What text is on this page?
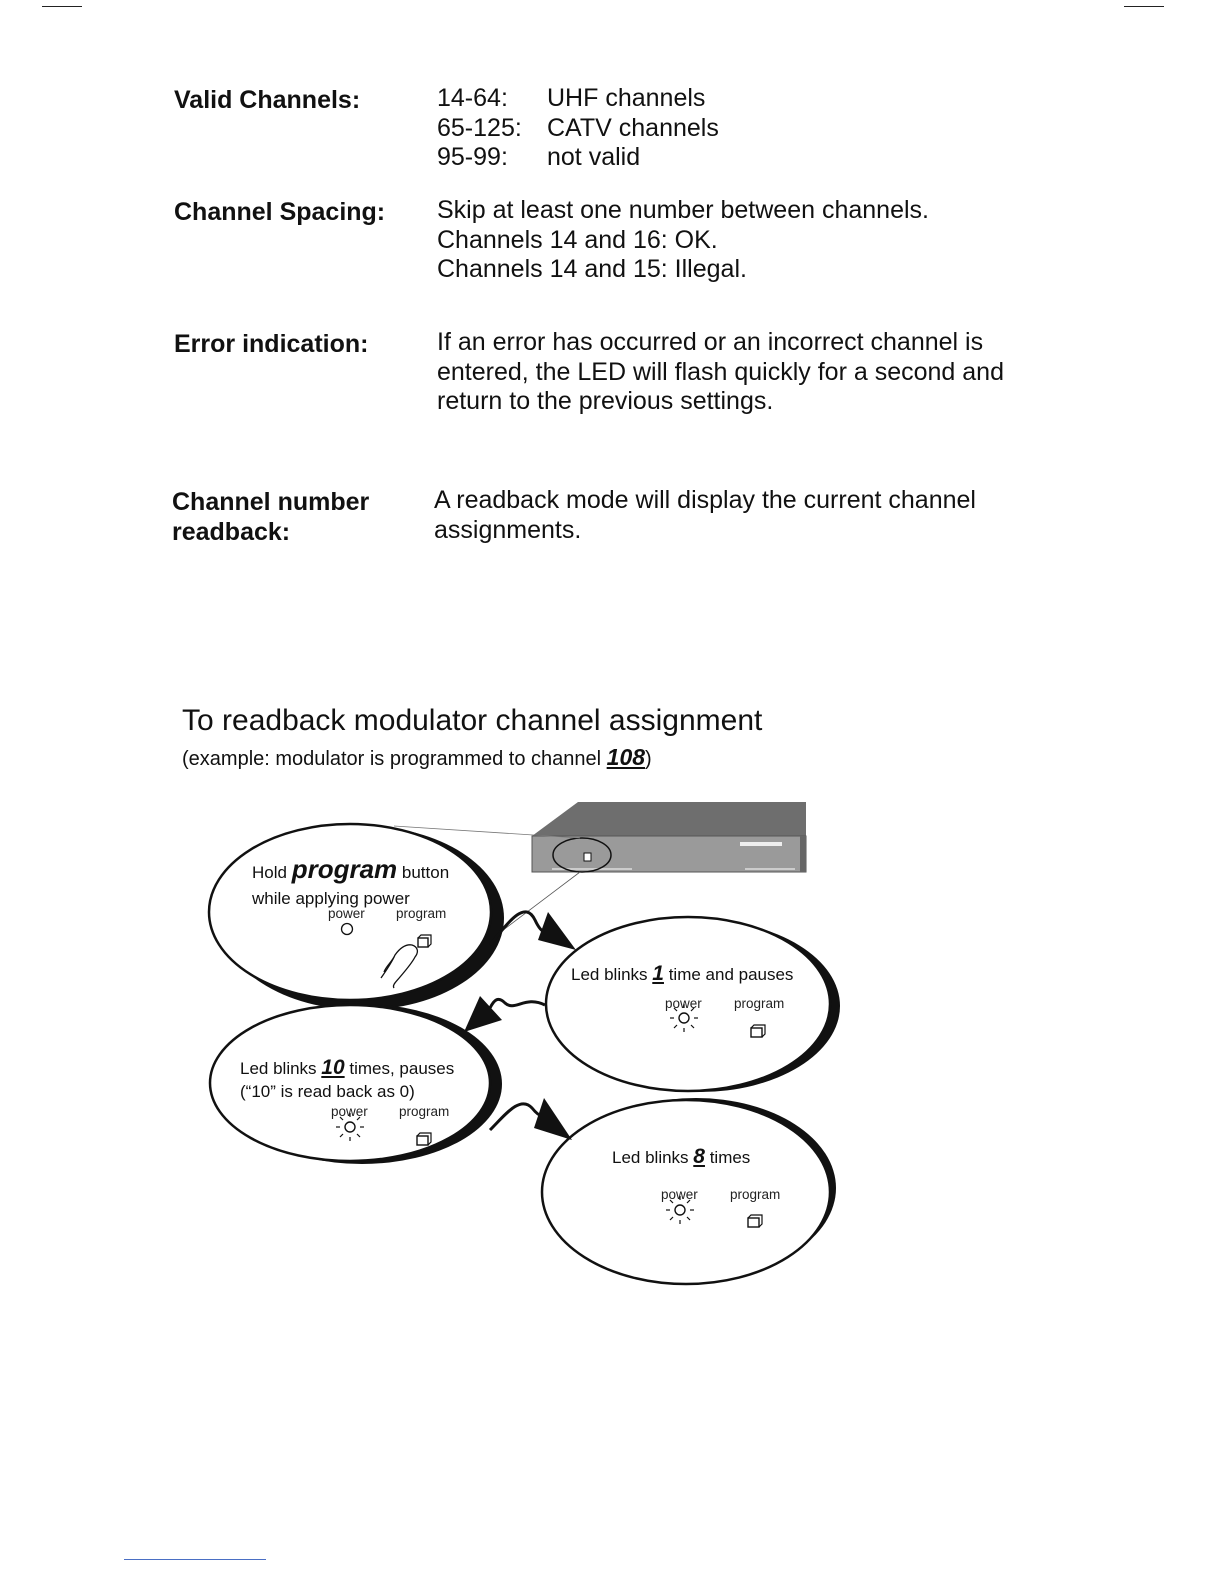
Valid Channels:	14-64: UHF channels
65-125: CATV channels
95-99: not valid
Channel Spacing: Skip at least one number between channels.
Channels 14 and 16: OK.
Channels 14 and 15: Illegal.
Error indication:	If an error has occurred or an incorrect channel is
entered, the LED will flash quickly for a second and
return to the previous settings.
Channel number
readback:
A readback mode will display the current channel
assignments.
To readback modulator channel assignment
(example: modulator is programmed to channel 108)
Hold program button
while applying power
power program
Led blinks 1 time and pauses
power program
Led blinks 10 times, pauses
(“10” is read back as 0)
power program
Led blinks 8 times
power program
